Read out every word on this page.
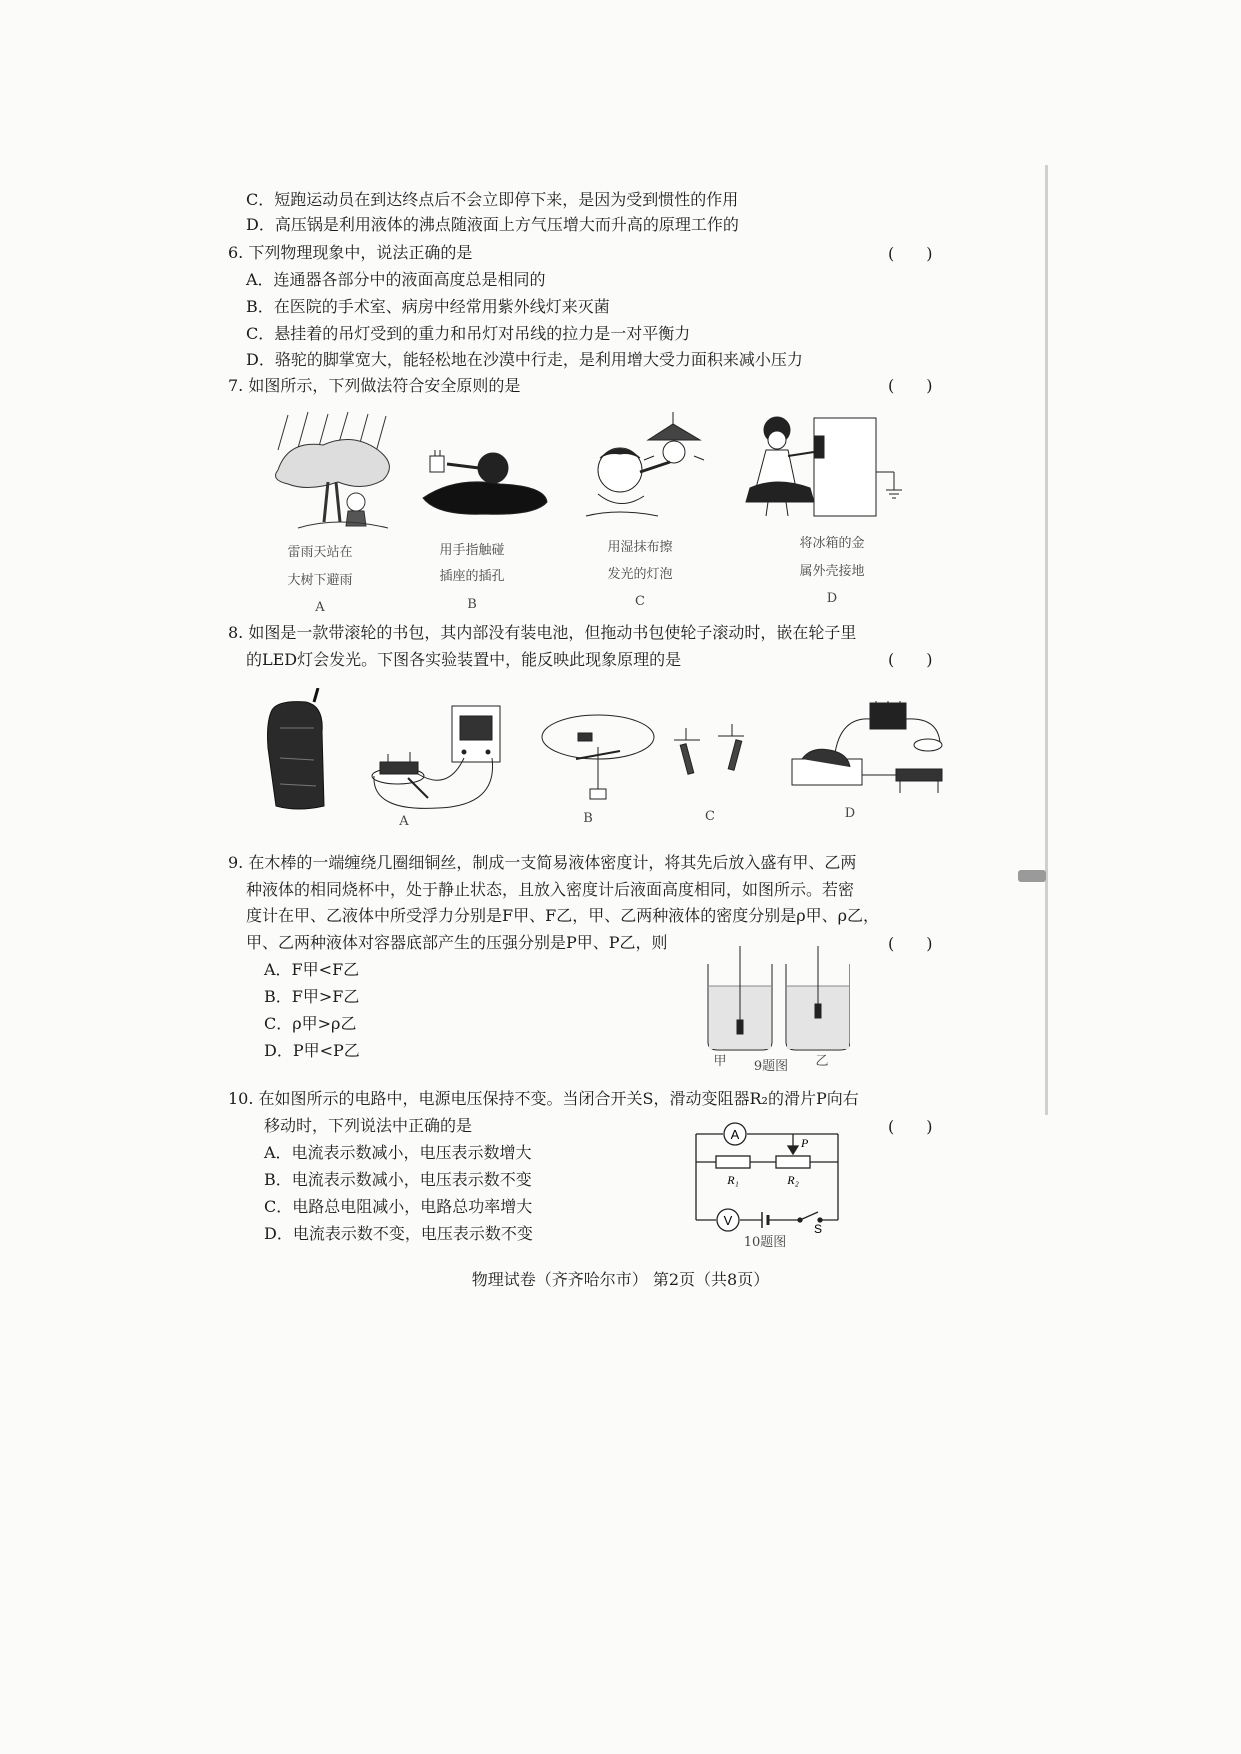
C．短跑运动员在到达终点后不会立即停下来，是因为受到惯性的作用
D．高压锅是利用液体的沸点随液面上方气压增大而升高的原理工作的
6. 下列物理现象中，说法正确的是	(　　)
A．连通器各部分中的液面高度总是相同的
B．在医院的手术室、病房中经常用紫外线灯来灭菌
C．悬挂着的吊灯受到的重力和吊灯对吊线的拉力是一对平衡力
D．骆驼的脚掌宽大，能轻松地在沙漠中行走，是利用增大受力面积来减小压力
7. 如图所示，下列做法符合安全原则的是	(　　)
雷雨天站在
大树下避雨
A
用手指触碰
插座的插孔
B
用湿抹布擦
发光的灯泡
C
将冰箱的金
属外壳接地
D
8. 如图是一款带滚轮的书包，其内部没有装电池，但拖动书包使轮子滚动时，嵌在轮子里
的LED灯会发光。下图各实验装置中，能反映此现象原理的是	(　　)
A	B	C	D
9. 在木棒的一端缠绕几圈细铜丝，制成一支简易液体密度计，将其先后放入盛有甲、乙两
种液体的相同烧杯中，处于静止状态，且放入密度计后液面高度相同，如图所示。若密
度计在甲、乙液体中所受浮力分别是F甲、F乙，甲、乙两种液体的密度分别是ρ甲、ρ乙，
甲、乙两种液体对容器底部产生的压强分别是P甲、P乙，则	(　　)
A．F甲<F乙
B．F甲>F乙
C．ρ甲>ρ乙
D．P甲<P乙
甲	9题图	乙
10. 在如图所示的电路中，电源电压保持不变。当闭合开关S，滑动变阻器R₂的滑片P向右
移动时，下列说法中正确的是	(　　)
A．电流表示数减小，电压表示数增大
B．电流表示数减小，电压表示数不变
C．电路总电阻减小，电路总功率增大
D．电流表示数不变，电压表示数不变
A
V
R₁	R₂
P
S
10题图
物理试卷（齐齐哈尔市） 第2页（共8页）
